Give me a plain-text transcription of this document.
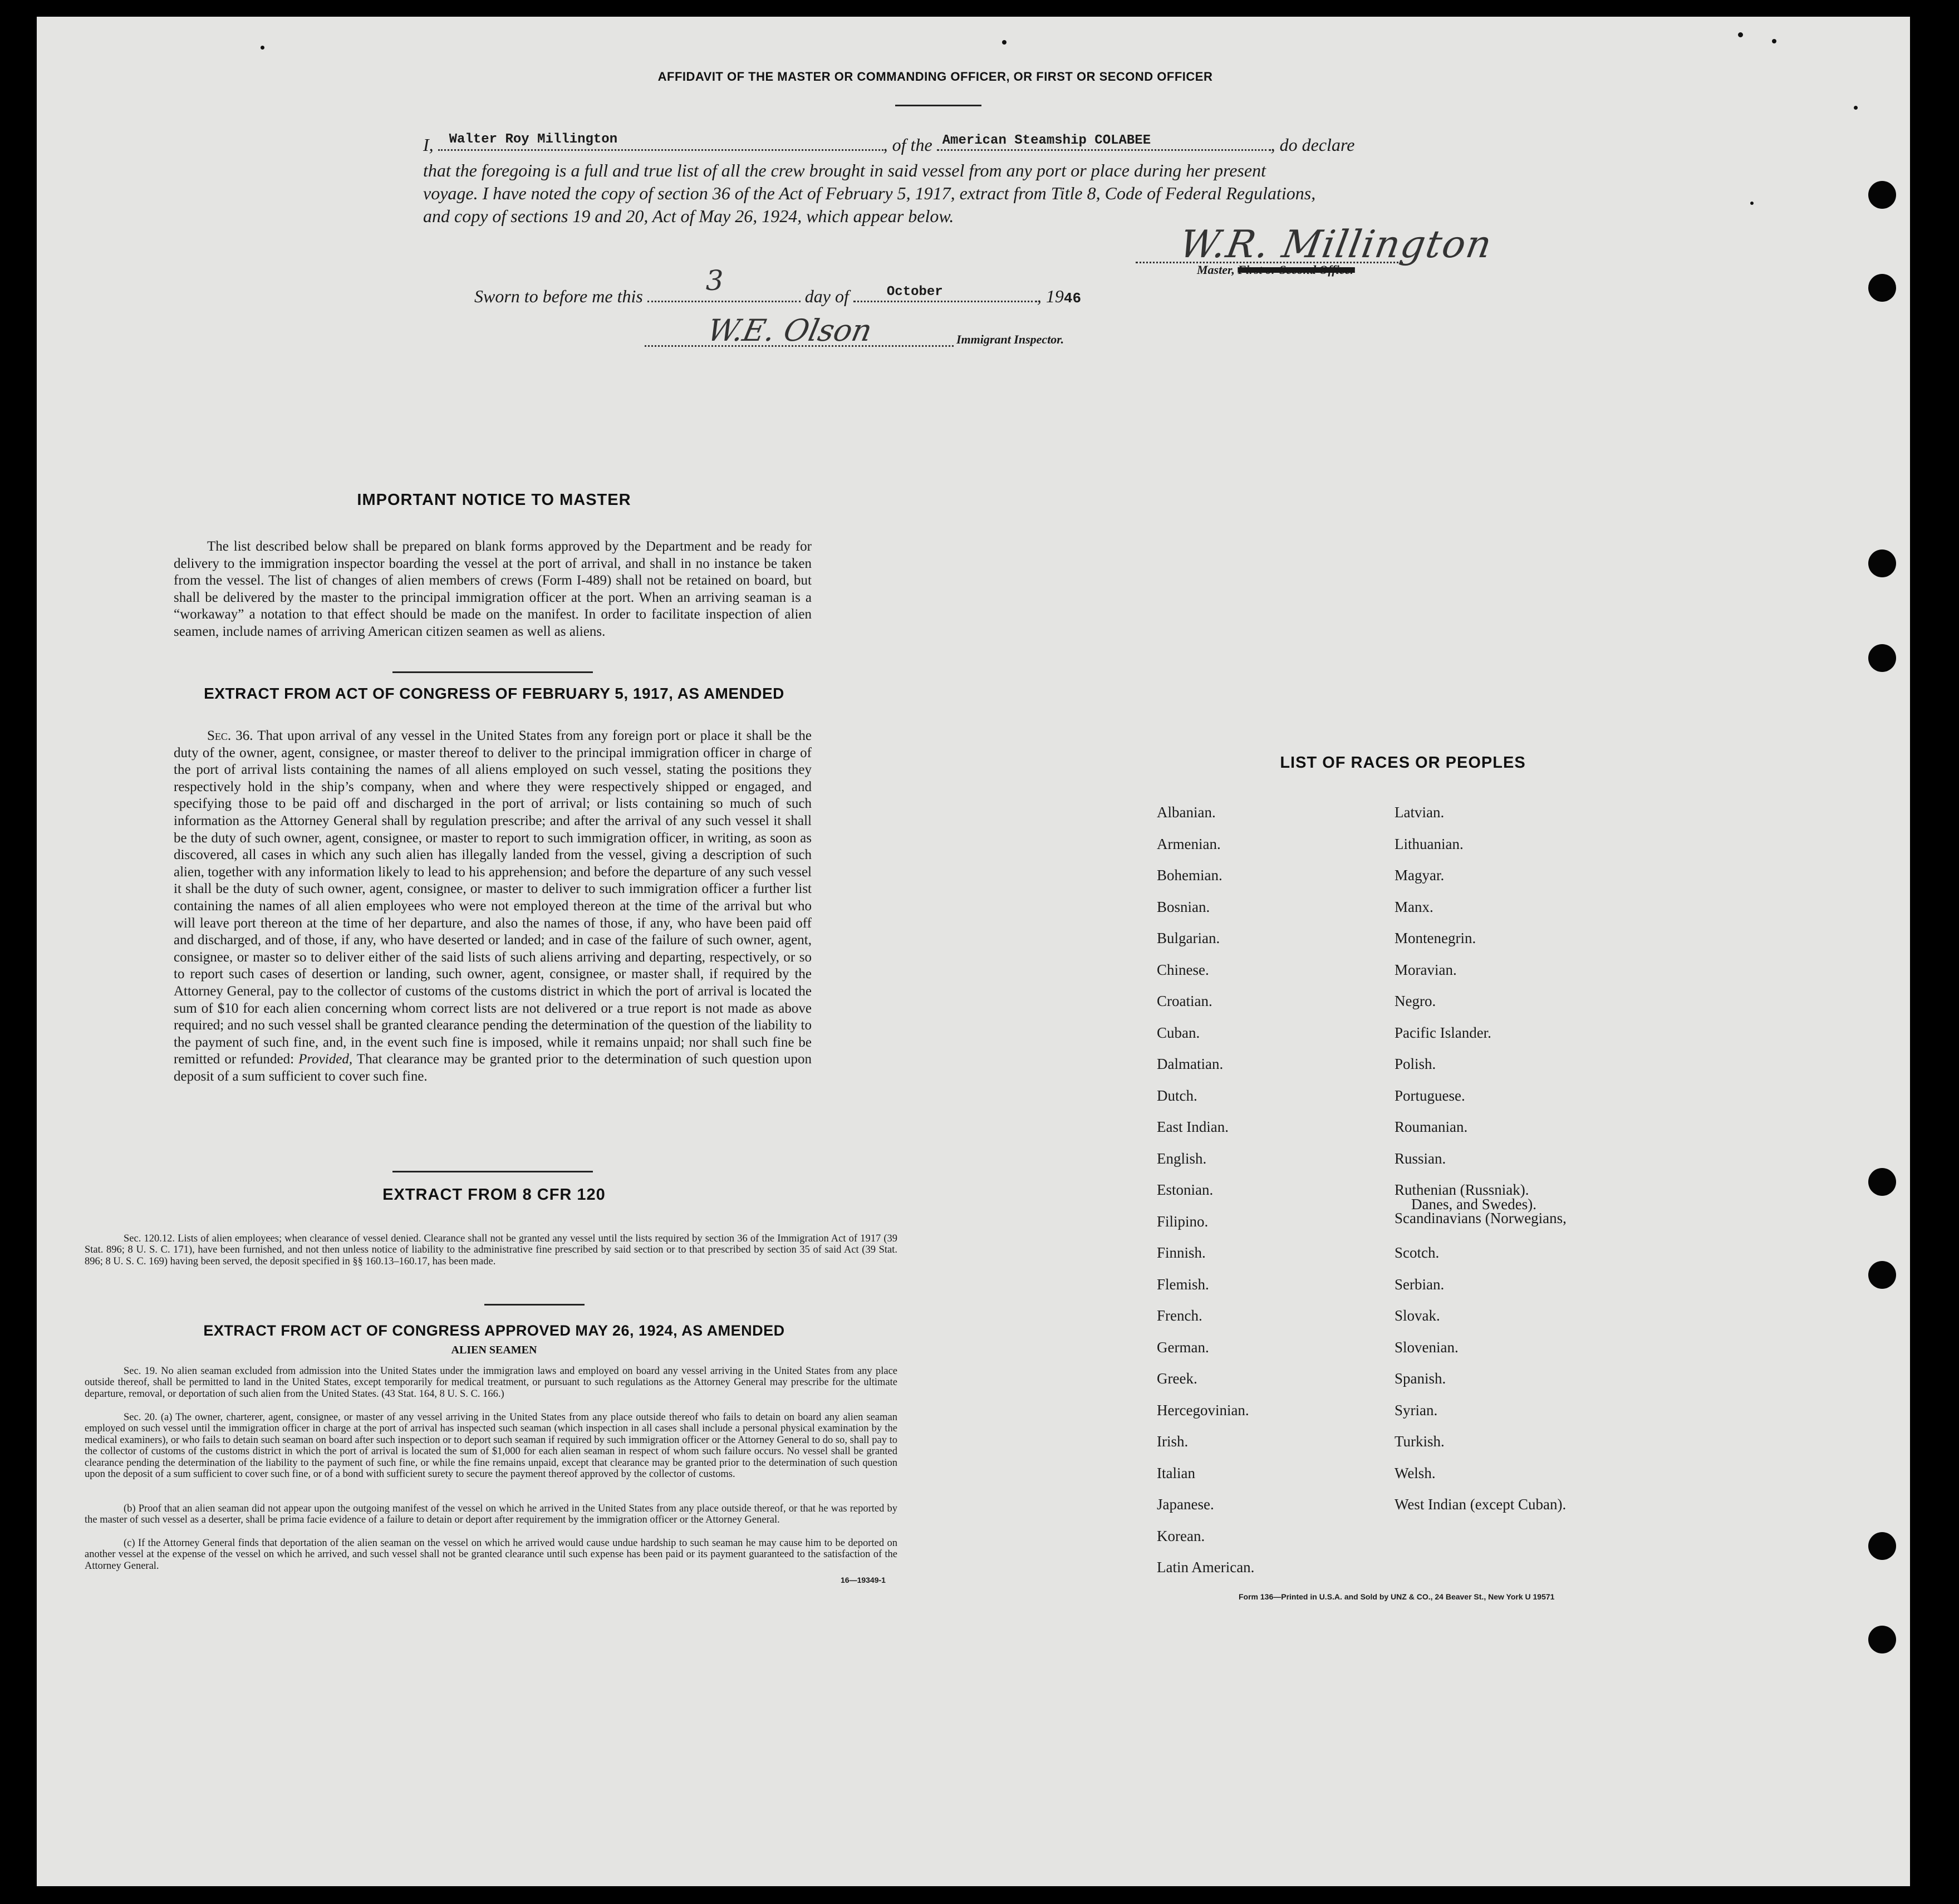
AFFIDAVIT OF THE MASTER OR COMMANDING OFFICER, OR FIRST OR SECOND OFFICER
I, Walter Roy Millington	, of the American Steamship COLABEE	, do declare
that the foregoing is a full and true list of all the crew brought in said vessel from any port or place during her present
voyage. I have noted the copy of section 36 of the Act of February 5, 1917, extract from Title 8, Code of Federal Regulations,
and copy of sections 19 and 20, Act of May 26, 1924, which appear below.
W.R. Millington
Master, First or Second Officer
Sworn to before me this 3	day of	October	, 1946
W.E. Olson	Immigrant Inspector.
IMPORTANT NOTICE TO MASTER
The list described below shall be prepared on blank forms approved by the Department and be ready for delivery to the immigration inspector boarding the vessel at the port of arrival, and shall in no instance be taken from the vessel. The list of changes of alien members of crews (Form I-489) shall not be retained on board, but shall be delivered by the master to the principal immigration officer at the port. When an arriving seaman is a “workaway” a notation to that effect should be made on the manifest. In order to facilitate inspection of alien seamen, include names of arriving American citizen seamen as well as aliens.
EXTRACT FROM ACT OF CONGRESS OF FEBRUARY 5, 1917, AS AMENDED
Sec. 36. That upon arrival of any vessel in the United States from any foreign port or place it shall be the duty of the owner, agent, consignee, or master thereof to deliver to the principal immigration officer in charge of the port of arrival lists containing the names of all aliens employed on such vessel, stating the positions they respectively hold in the ship’s company, when and where they were respectively shipped or engaged, and specifying those to be paid off and discharged in the port of arrival; or lists containing so much of such information as the Attorney General shall by regulation prescribe; and after the arrival of any such vessel it shall be the duty of such owner, agent, consignee, or master to report to such immigration officer, in writing, as soon as discovered, all cases in which any such alien has illegally landed from the vessel, giving a description of such alien, together with any information likely to lead to his apprehension; and before the departure of any such vessel it shall be the duty of such owner, agent, consignee, or master to deliver to such immigration officer a further list containing the names of all alien employees who were not employed thereon at the time of the arrival but who will leave port thereon at the time of her departure, and also the names of those, if any, who have been paid off and discharged, and of those, if any, who have deserted or landed; and in case of the failure of such owner, agent, consignee, or master so to deliver either of the said lists of such aliens arriving and departing, respectively, or so to report such cases of desertion or landing, such owner, agent, consignee, or master shall, if required by the Attorney General, pay to the collector of customs of the customs district in which the port of arrival is located the sum of $10 for each alien concerning whom correct lists are not delivered or a true report is not made as above required; and no such vessel shall be granted clearance pending the determination of the question of the liability to the payment of such fine, and, in the event such fine is imposed, while it remains unpaid; nor shall such fine be remitted or refunded: Provided, That clearance may be granted prior to the determination of such question upon deposit of a sum sufficient to cover such fine.
EXTRACT FROM 8 CFR 120
Sec. 120.12. Lists of alien employees; when clearance of vessel denied. Clearance shall not be granted any vessel until the lists required by section 36 of the Immigration Act of 1917 (39 Stat. 896; 8 U. S. C. 171), have been furnished, and not then unless notice of liability to the administrative fine prescribed by said section or to that prescribed by section 35 of said Act (39 Stat. 896; 8 U. S. C. 169) having been served, the deposit specified in §§ 160.13–160.17, has been made.
EXTRACT FROM ACT OF CONGRESS APPROVED MAY 26, 1924, AS AMENDED
ALIEN SEAMEN
Sec. 19. No alien seaman excluded from admission into the United States under the immigration laws and employed on board any vessel arriving in the United States from any place outside thereof, shall be permitted to land in the United States, except temporarily for medical treatment, or pursuant to such regulations as the Attorney General may prescribe for the ultimate departure, removal, or deportation of such alien from the United States. (43 Stat. 164, 8 U. S. C. 166.)
Sec. 20. (a) The owner, charterer, agent, consignee, or master of any vessel arriving in the United States from any place outside thereof who fails to detain on board any alien seaman employed on such vessel until the immigration officer in charge at the port of arrival has inspected such seaman (which inspection in all cases shall include a personal physical examination by the medical examiners), or who fails to detain such seaman on board after such inspection or to deport such seaman if required by such immigration officer or the Attorney General to do so, shall pay to the collector of customs of the customs district in which the port of arrival is located the sum of $1,000 for each alien seaman in respect of whom such failure occurs. No vessel shall be granted clearance pending the determination of the liability to the payment of such fine, or while the fine remains unpaid, except that clearance may be granted prior to the determination of such question upon the deposit of a sum sufficient to cover such fine, or of a bond with sufficient surety to secure the payment thereof approved by the collector of customs.
(b) Proof that an alien seaman did not appear upon the outgoing manifest of the vessel on which he arrived in the United States from any place outside thereof, or that he was reported by the master of such vessel as a deserter, shall be prima facie evidence of a failure to detain or deport after requirement by the immigration officer or the Attorney General.
(c) If the Attorney General finds that deportation of the alien seaman on the vessel on which he arrived would cause undue hardship to such seaman he may cause him to be deported on another vessel at the expense of the vessel on which he arrived, and such vessel shall not be granted clearance until such expense has been paid or its payment guaranteed to the satisfaction of the Attorney General.
16—19349-1
LIST OF RACES OR PEOPLES
Albanian.
Armenian.
Bohemian.
Bosnian.
Bulgarian.
Chinese.
Croatian.
Cuban.
Dalmatian.
Dutch.
East Indian.
English.
Estonian.
Filipino.
Finnish.
Flemish.
French.
German.
Greek.
Hercegovinian.
Irish.
Italian
Japanese.
Korean.
Latin American.
Latvian.
Lithuanian.
Magyar.
Manx.
Montenegrin.
Moravian.
Negro.
Pacific Islander.
Polish.
Portuguese.
Roumanian.
Russian.
Ruthenian (Russniak).
Scandinavians (Norwegians,
Danes, and Swedes).
Scotch.
Serbian.
Slovak.
Slovenian.
Spanish.
Syrian.
Turkish.
Welsh.
West Indian (except Cuban).
Form 136—Printed in U.S.A. and Sold by UNZ & CO., 24 Beaver St., New York U 19571
